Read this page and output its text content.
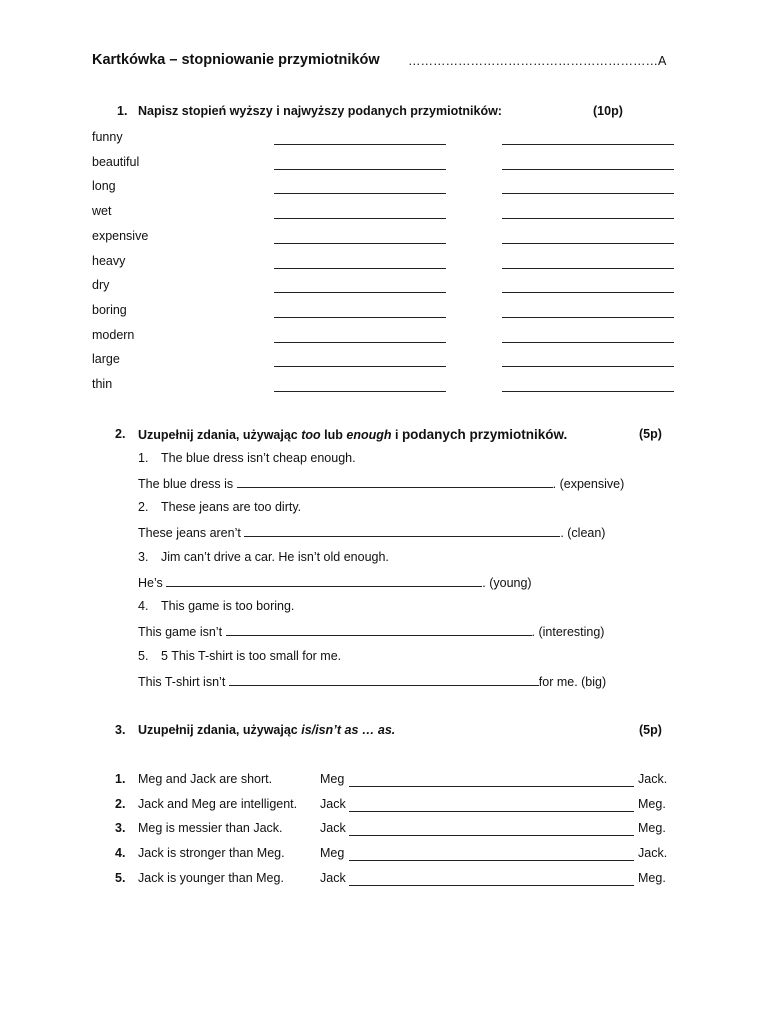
Kartkówka – stopniowanie przymiotników ……………………………………………………A
1. Napisz stopień wyższy i najwyższy podanych przymiotników:	(10p)
funny
beautiful
long
wet
expensive
heavy
dry
boring
modern
large
thin
2. Uzupełnij zdania, używając too lub enough i podanych przymiotników.	(5p)
1. The blue dress isn’t cheap enough.
The blue dress is	. (expensive)
2. These jeans are too dirty.
These jeans aren’t	. (clean)
3. Jim can’t drive a car. He isn’t old enough.
He’s	. (young)
4. This game is too boring.
This game isn’t	. (interesting)
5. 5 This T-shirt is too small for me.
This T-shirt isn’t	for me. (big)
3. Uzupełnij zdania, używając is/isn’t as … as.	(5p)
1. Meg and Jack are short.	Meg	Jack.
2. Jack and Meg are intelligent. Jack	Meg.
3. Meg is messier than Jack.	Jack	Meg.
4. Jack is stronger than Meg.	Meg	Jack.
5. Jack is younger than Meg.	Jack	Meg.
